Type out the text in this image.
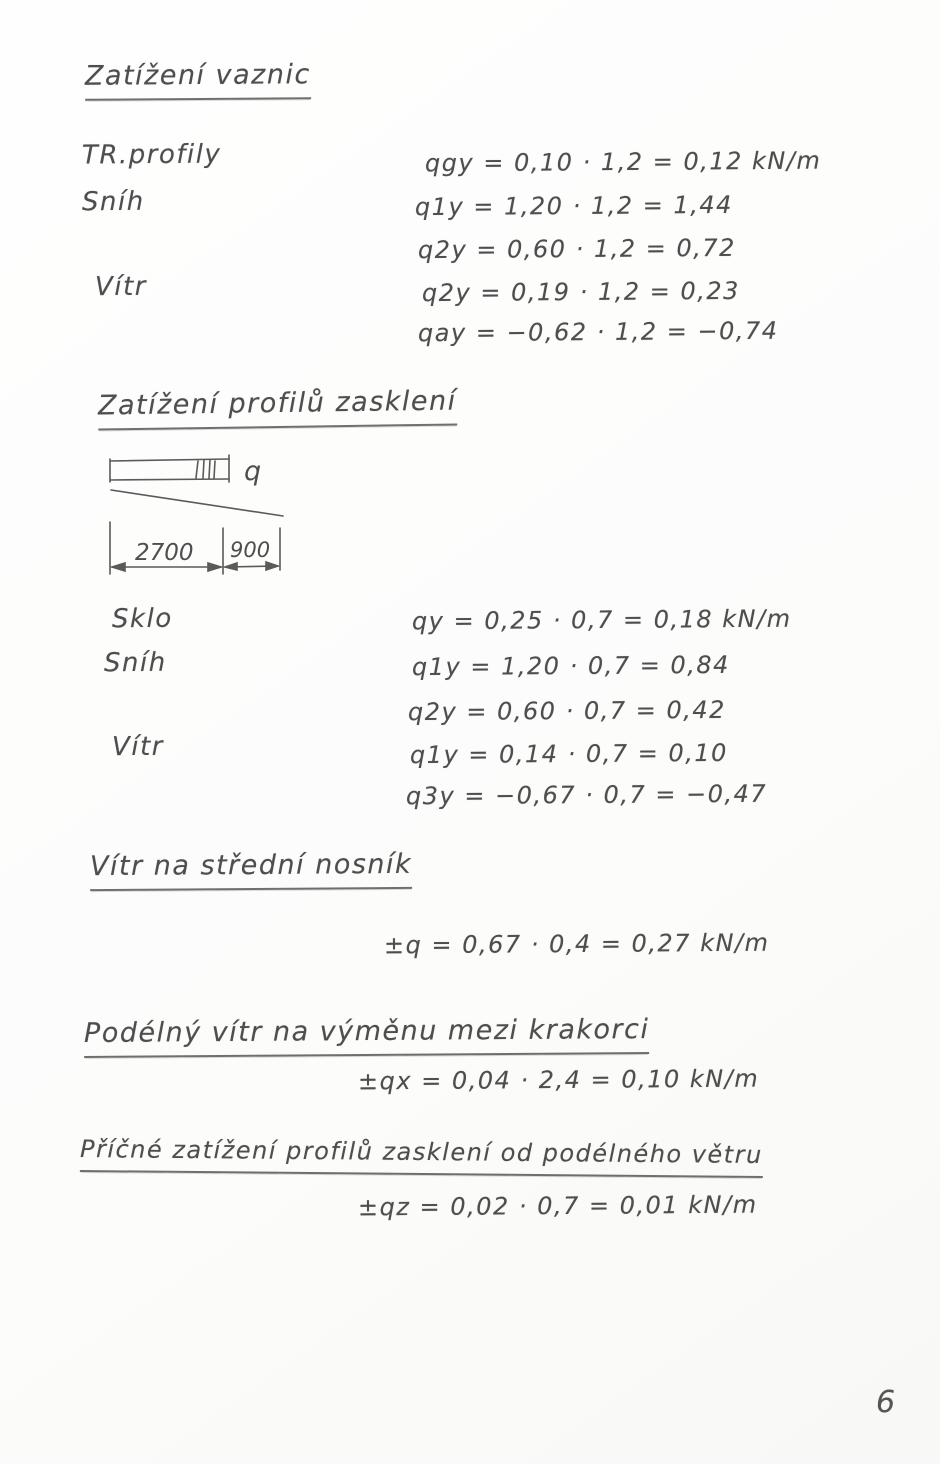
Zatížení vaznic
TR.profily
Sníh
Vítr
qgy = 0,10 · 1,2 = 0,12 kN/m
q1y = 1,20 · 1,2 = 1,44
q2y = 0,60 · 1,2 = 0,72
q2y = 0,19 · 1,2 = 0,23
qay = −0,62 · 1,2 = −0,74
Zatížení profilů zasklení
q
2700 900
Sklo
Sníh
Vítr
qy = 0,25 · 0,7 = 0,18 kN/m
q1y = 1,20 · 0,7 = 0,84
q2y = 0,60 · 0,7 = 0,42
q1y = 0,14 · 0,7 = 0,10
q3y = −0,67 · 0,7 = −0,47
Vítr na střední nosník
±q = 0,67 · 0,4 = 0,27 kN/m
Podélný vítr na výměnu mezi krakorci
±qx = 0,04 · 2,4 = 0,10 kN/m
Příčné zatížení profilů zasklení od podélného větru
±qz = 0,02 · 0,7 = 0,01 kN/m
6
